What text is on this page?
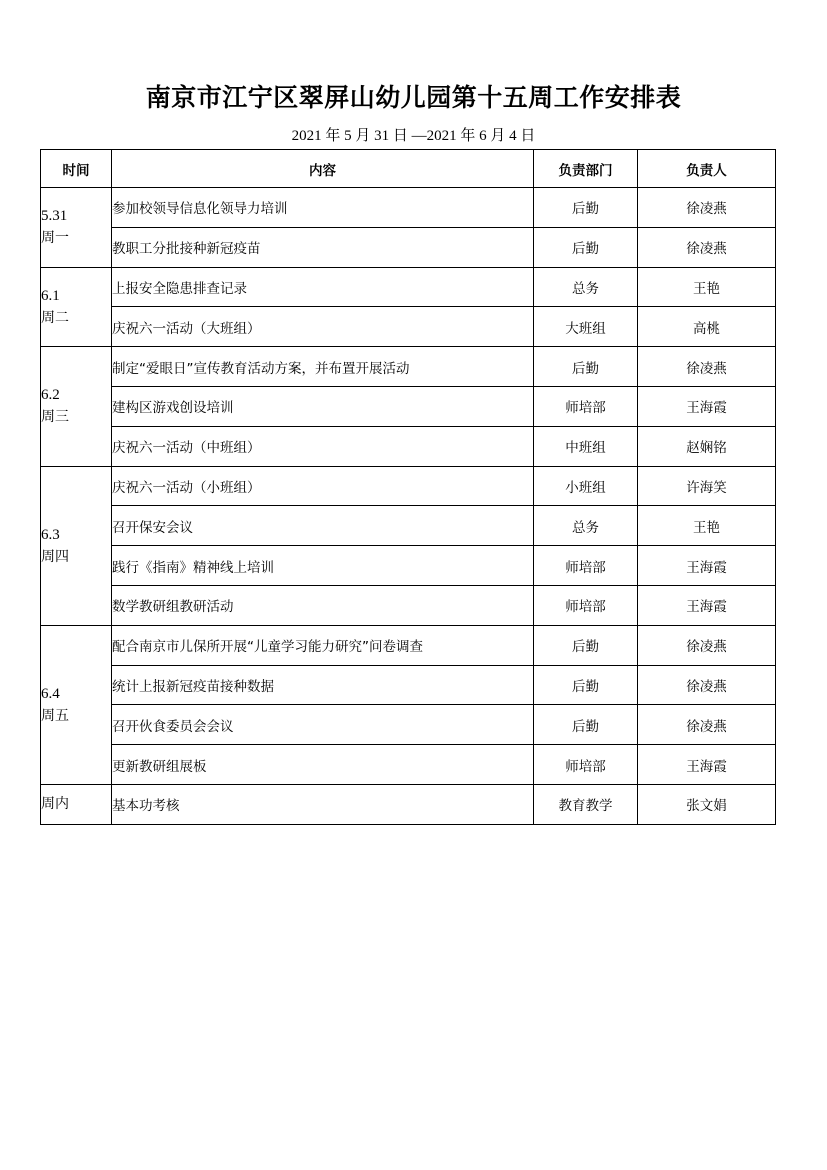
南京市江宁区翠屏山幼儿园第十五周工作安排表
2021 年 5 月 31 日 —2021 年 6 月 4 日
时间	内容	负责部门	负责人

5.31
周一	参加校领导信息化领导力培训	后勤	徐凌燕
	教职工分批接种新冠疫苗	后勤	徐凌燕

6.1
周二	上报安全隐患排查记录	总务	王艳
	庆祝六一活动（大班组）	大班组	高桃

6.2
周三	制定“爱眼日”宣传教育活动方案，并布置开展活动	后勤	徐凌燕
	建构区游戏创设培训	师培部	王海霞
	庆祝六一活动（中班组）	中班组	赵娴铭

6.3
周四	庆祝六一活动（小班组）	小班组	许海笑
	召开保安会议	总务	王艳
	践行《指南》精神线上培训	师培部	王海霞
	数学教研组教研活动	师培部	王海霞

6.4
周五	配合南京市儿保所开展“儿童学习能力研究”问卷调查	后勤	徐凌燕
	统计上报新冠疫苗接种数据	后勤	徐凌燕
	召开伙食委员会会议	后勤	徐凌燕
	更新教研组展板	师培部	王海霞

周内	基本功考核	教育教学	张文娟
